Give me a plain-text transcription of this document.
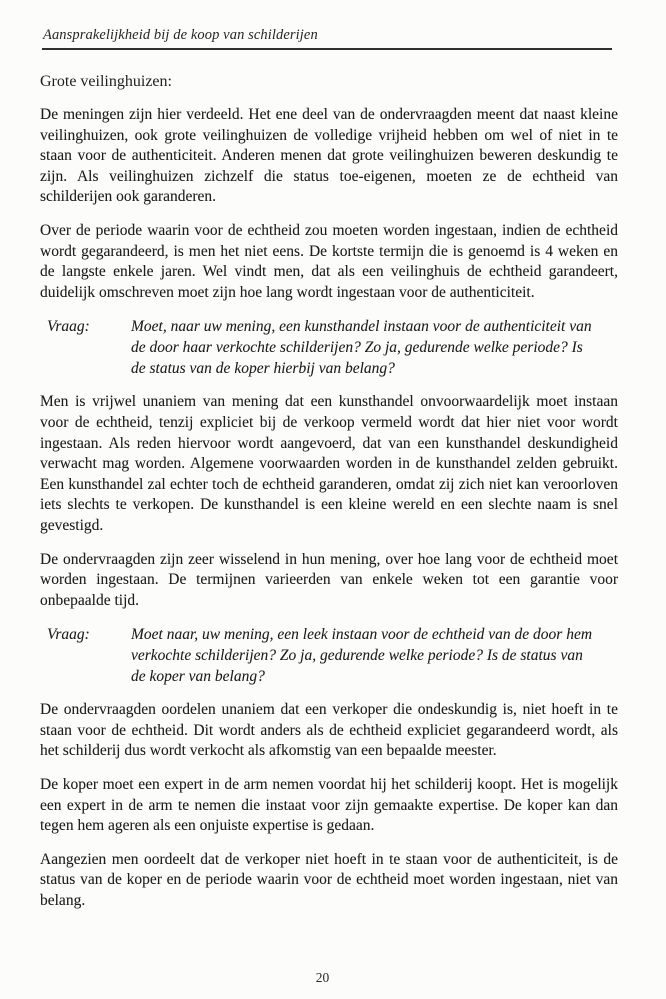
Aansprakelijkheid bij de koop van schilderijen
Grote veilinghuizen:

De meningen zijn hier verdeeld. Het ene deel van de ondervraagden meent dat naast kleine veilinghuizen, ook grote veilinghuizen de volledige vrijheid hebben om wel of niet in te staan voor de authenticiteit. Anderen menen dat grote veilinghuizen beweren deskundig te zijn. Als veilinghuizen zichzelf die status toe-eigenen, moeten ze de echtheid van schilderijen ook garanderen.

Over de periode waarin voor de echtheid zou moeten worden ingestaan, indien de echtheid wordt gegarandeerd, is men het niet eens. De kortste termijn die is genoemd is 4 weken en de langste enkele jaren. Wel vindt men, dat als een veilinghuis de echtheid garandeert, duidelijk omschreven moet zijn hoe lang wordt ingestaan voor de authenticiteit.

Vraag:	Moet, naar uw mening, een kunsthandel instaan voor de authenticiteit van de door haar verkochte schilderijen? Zo ja, gedurende welke periode? Is de status van de koper hierbij van belang?

Men is vrijwel unaniem van mening dat een kunsthandel onvoorwaardelijk moet instaan voor de echtheid, tenzij expliciet bij de verkoop vermeld wordt dat hier niet voor wordt ingestaan. Als reden hiervoor wordt aangevoerd, dat van een kunsthandel deskundigheid verwacht mag worden. Algemene voorwaarden worden in de kunsthandel zelden gebruikt. Een kunsthandel zal echter toch de echtheid garanderen, omdat zij zich niet kan veroorloven iets slechts te verkopen. De kunsthandel is een kleine wereld en een slechte naam is snel gevestigd.

De ondervraagden zijn zeer wisselend in hun mening, over hoe lang voor de echtheid moet worden ingestaan. De termijnen varieerden van enkele weken tot een garantie voor onbepaalde tijd.

Vraag:	Moet naar, uw mening, een leek instaan voor de echtheid van de door hem verkochte schilderijen? Zo ja, gedurende welke periode? Is de status van de koper van belang?

De ondervraagden oordelen unaniem dat een verkoper die ondeskundig is, niet hoeft in te staan voor de echtheid. Dit wordt anders als de echtheid expliciet gegarandeerd wordt, als het schilderij dus wordt verkocht als afkomstig van een bepaalde meester.

De koper moet een expert in de arm nemen voordat hij het schilderij koopt. Het is mogelijk een expert in de arm te nemen die instaat voor zijn gemaakte expertise. De koper kan dan tegen hem ageren als een onjuiste expertise is gedaan.

Aangezien men oordeelt dat de verkoper niet hoeft in te staan voor de authenticiteit, is de status van de koper en de periode waarin voor de echtheid moet worden ingestaan, niet van belang.

20
